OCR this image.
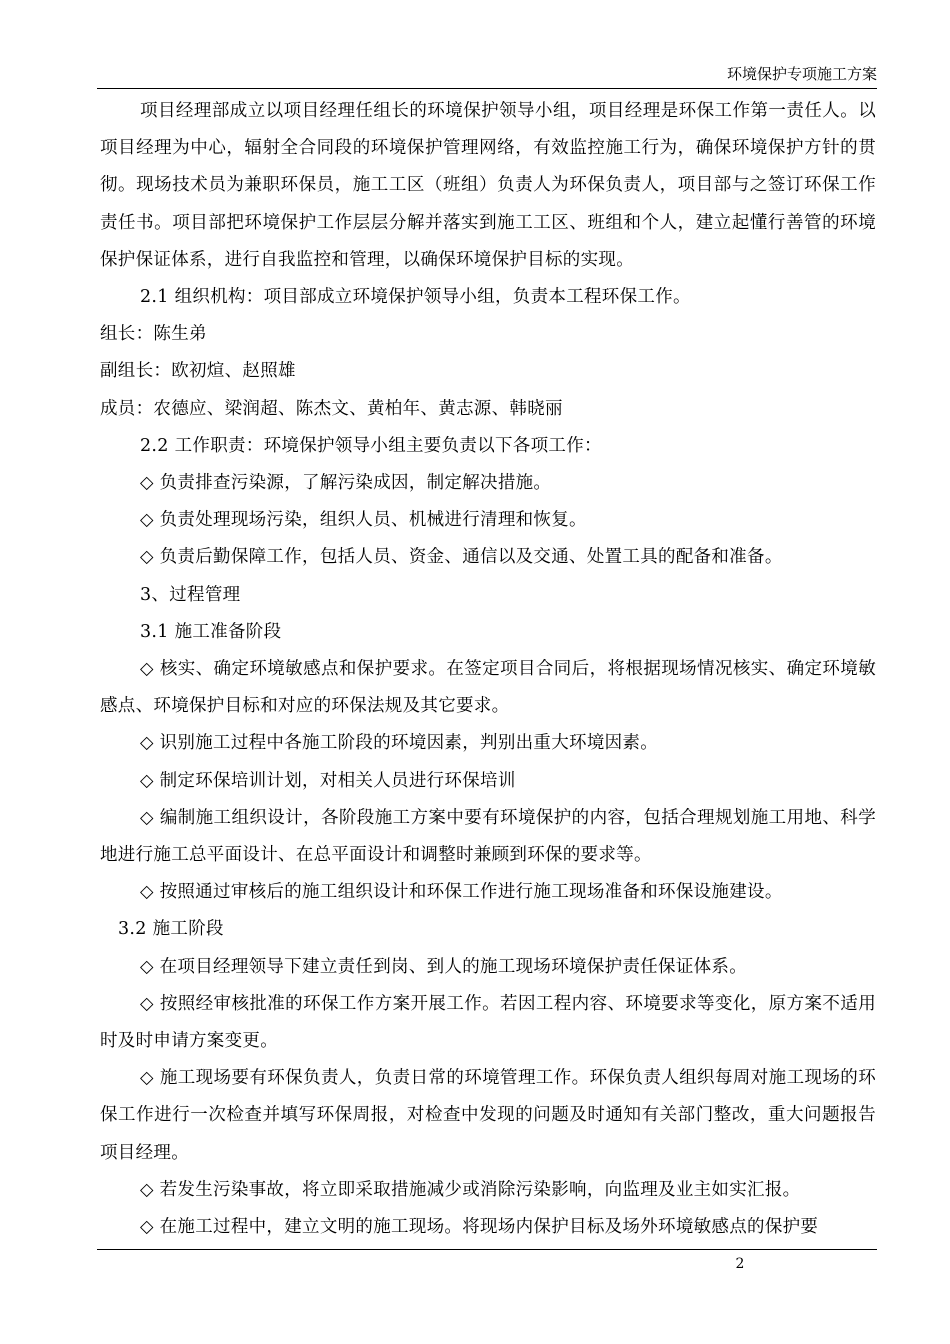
环境保护专项施工方案

项目经理部成立以项目经理任组长的环境保护领导小组，项目经理是环保工作第一责任人。以项目经理为中心，辐射全合同段的环境保护管理网络，有效监控施工行为，确保环境保护方针的贯彻。现场技术员为兼职环保员，施工工区（班组）负责人为环保负责人，项目部与之签订环保工作责任书。项目部把环境保护工作层层分解并落实到施工工区、班组和个人，建立起懂行善管的环境保护保证体系，进行自我监控和管理，以确保环境保护目标的实现。

2.1 组织机构：项目部成立环境保护领导小组，负责本工程环保工作。

组长：陈生弟

副组长：欧初煊、赵照雄

成员：农德应、梁润超、陈杰文、黄柏年、黄志源、韩晓丽

2.2 工作职责：环境保护领导小组主要负责以下各项工作：

◇ 负责排查污染源，了解污染成因，制定解决措施。

◇ 负责处理现场污染，组织人员、机械进行清理和恢复。

◇ 负责后勤保障工作，包括人员、资金、通信以及交通、处置工具的配备和准备。

3、过程管理

3.1 施工准备阶段

◇ 核实、确定环境敏感点和保护要求。在签定项目合同后，将根据现场情况核实、确定环境敏感点、环境保护目标和对应的环保法规及其它要求。

◇ 识别施工过程中各施工阶段的环境因素，判别出重大环境因素。

◇ 制定环保培训计划，对相关人员进行环保培训

◇ 编制施工组织设计，各阶段施工方案中要有环境保护的内容，包括合理规划施工用地、科学地进行施工总平面设计、在总平面设计和调整时兼顾到环保的要求等。

◇ 按照通过审核后的施工组织设计和环保工作进行施工现场准备和环保设施建设。

3.2 施工阶段

◇ 在项目经理领导下建立责任到岗、到人的施工现场环境保护责任保证体系。

◇ 按照经审核批准的环保工作方案开展工作。若因工程内容、环境要求等变化，原方案不适用时及时申请方案变更。

◇ 施工现场要有环保负责人，负责日常的环境管理工作。环保负责人组织每周对施工现场的环保工作进行一次检查并填写环保周报，对检查中发现的问题及时通知有关部门整改，重大问题报告项目经理。

◇ 若发生污染事故，将立即采取措施减少或消除污染影响，向监理及业主如实汇报。

◇ 在施工过程中，建立文明的施工现场。将现场内保护目标及场外环境敏感点的保护要

2
